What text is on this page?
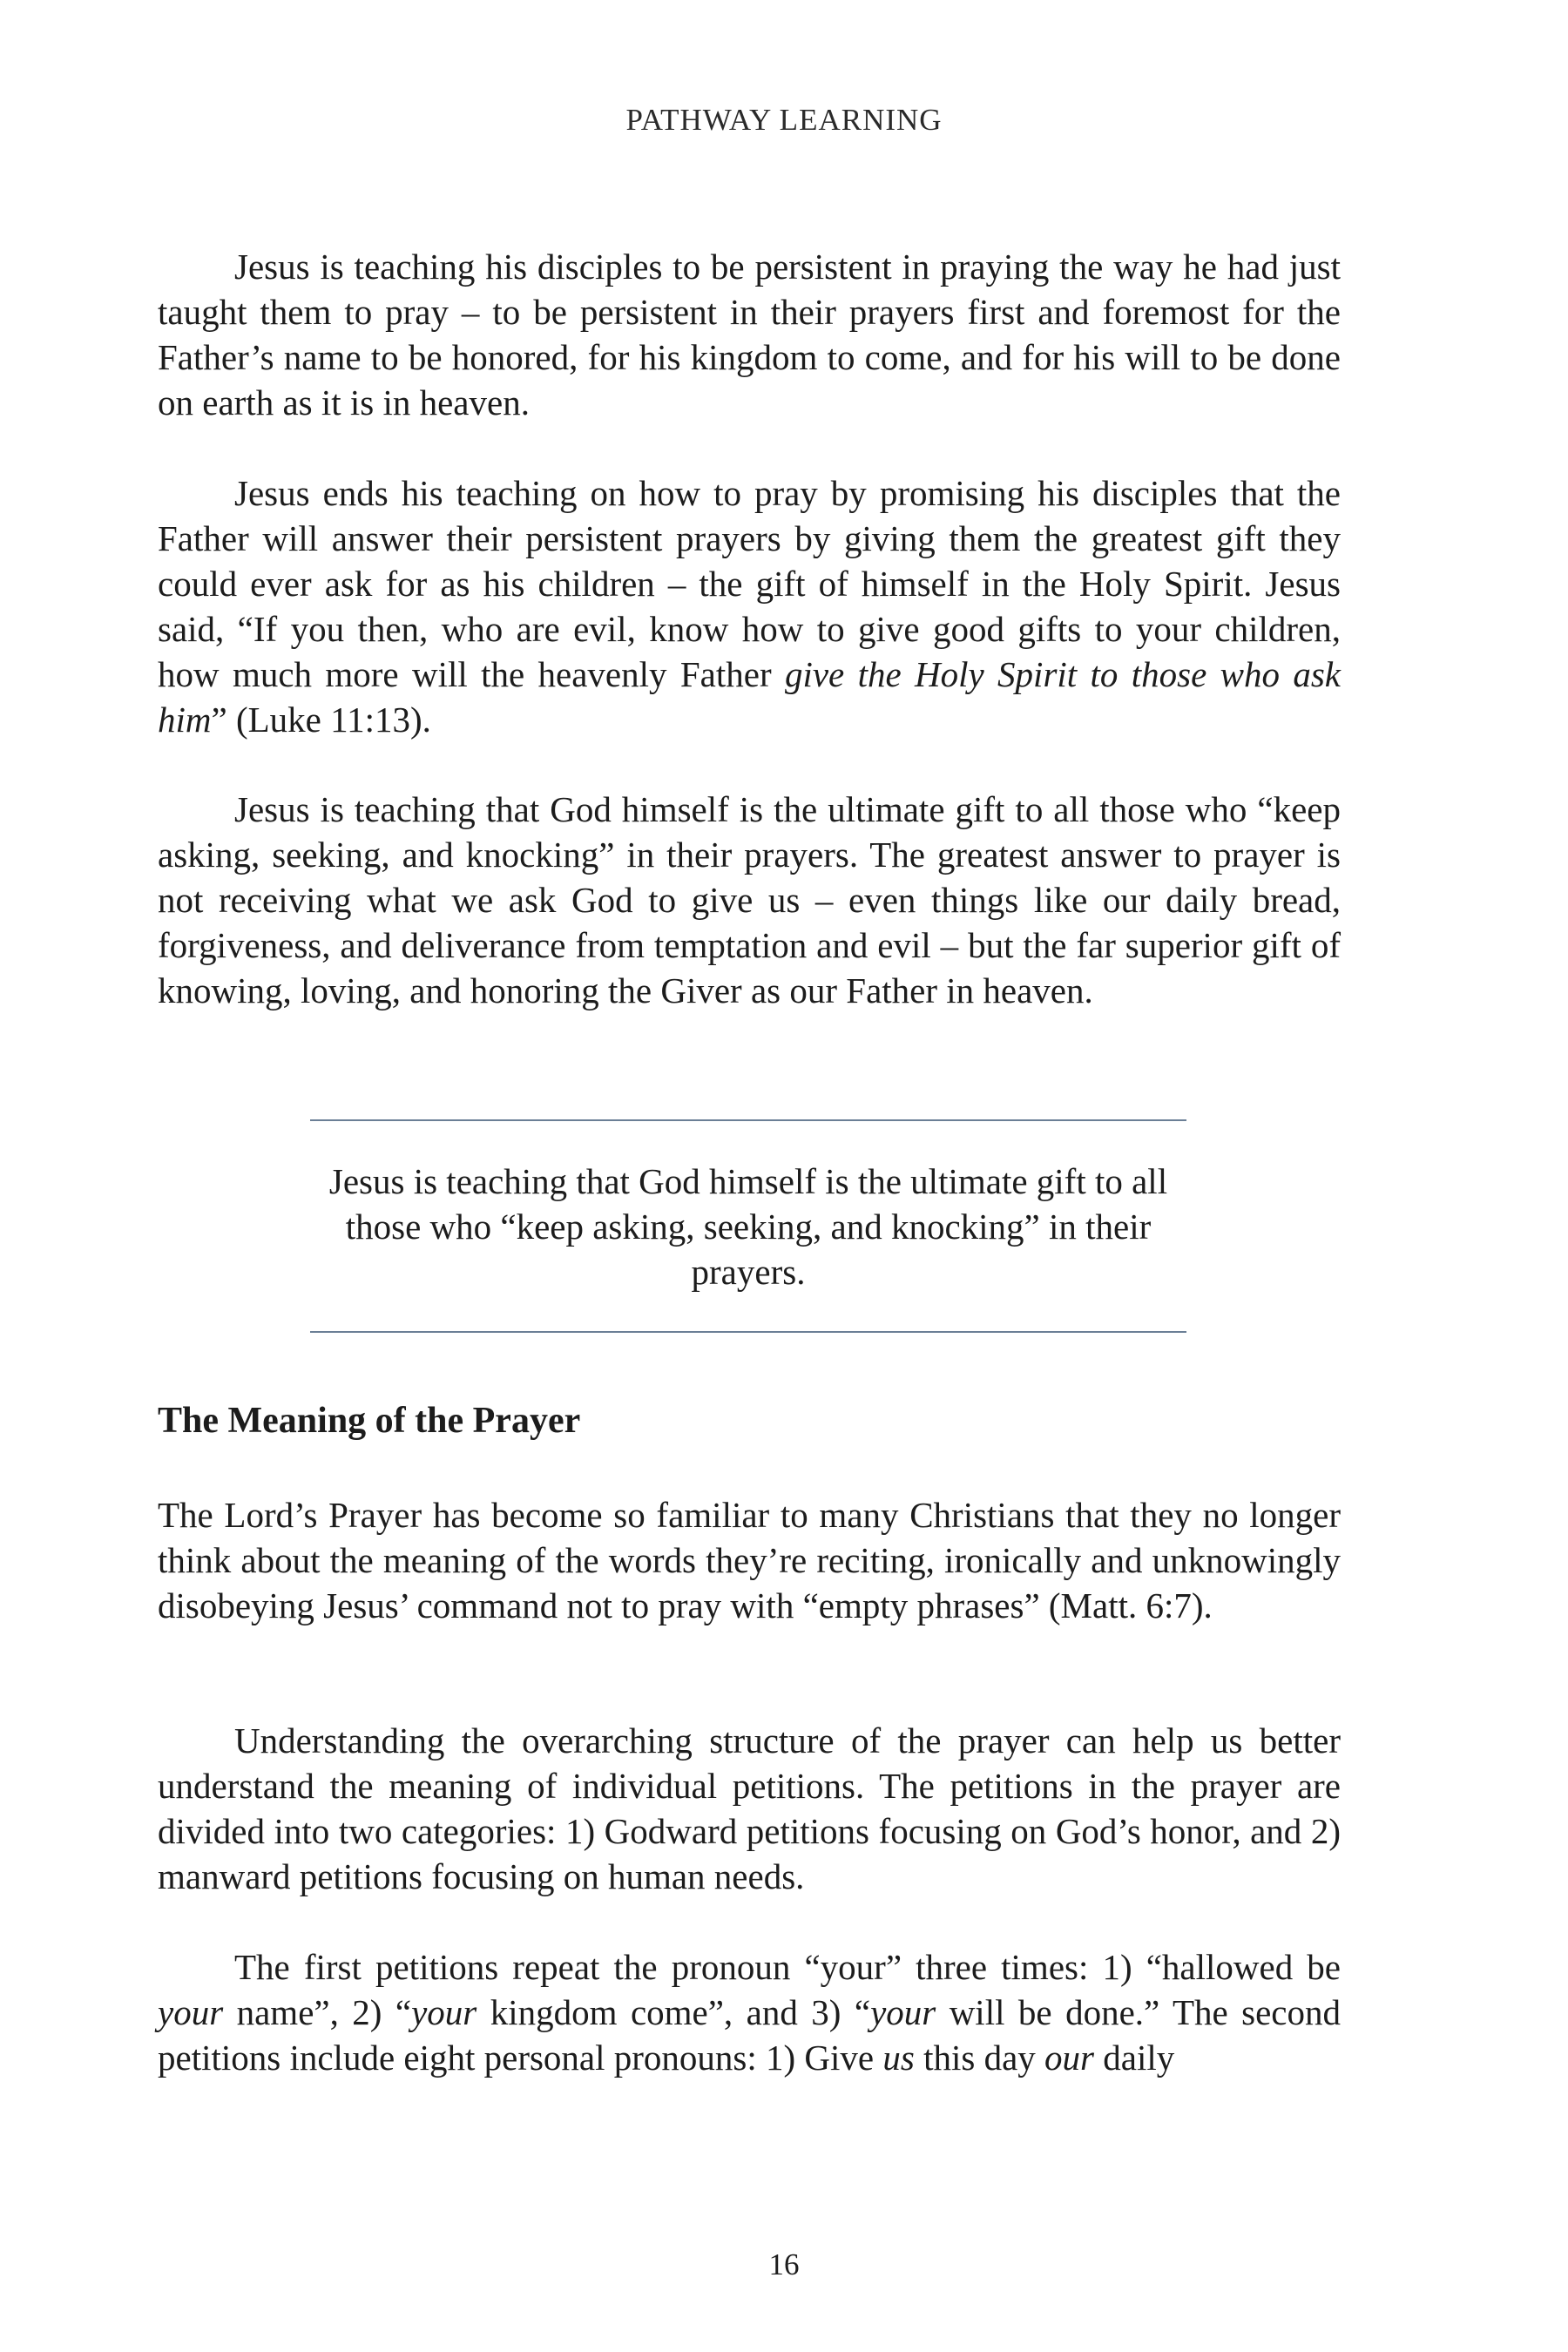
PATHWAY LEARNING

Jesus is teaching his disciples to be persistent in praying the way he had just taught them to pray – to be persistent in their prayers first and foremost for the Father’s name to be honored, for his kingdom to come, and for his will to be done on earth as it is in heaven.

Jesus ends his teaching on how to pray by promising his disciples that the Father will answer their persistent prayers by giving them the greatest gift they could ever ask for as his children – the gift of himself in the Holy Spirit. Jesus said, “If you then, who are evil, know how to give good gifts to your children, how much more will the heavenly Father give the Holy Spirit to those who ask him” (Luke 11:13).

Jesus is teaching that God himself is the ultimate gift to all those who “keep asking, seeking, and knocking” in their prayers. The greatest answer to prayer is not receiving what we ask God to give us – even things like our daily bread, forgiveness, and deliverance from temptation and evil – but the far superior gift of knowing, loving, and honoring the Giver as our Father in heaven.

Jesus is teaching that God himself is the ultimate gift to all those who “keep asking, seeking, and knocking” in their prayers.

The Meaning of the Prayer

The Lord’s Prayer has become so familiar to many Christians that they no longer think about the meaning of the words they’re reciting, ironically and unknowingly disobeying Jesus’ command not to pray with “empty phrases” (Matt. 6:7).

Understanding the overarching structure of the prayer can help us better understand the meaning of individual petitions. The petitions in the prayer are divided into two categories: 1) Godward petitions focusing on God’s honor, and 2) manward petitions focusing on human needs.

The first petitions repeat the pronoun “your” three times: 1) “hallowed be your name”, 2) “your kingdom come”, and 3) “your will be done.” The second petitions include eight personal pronouns: 1) Give us this day our daily

16
